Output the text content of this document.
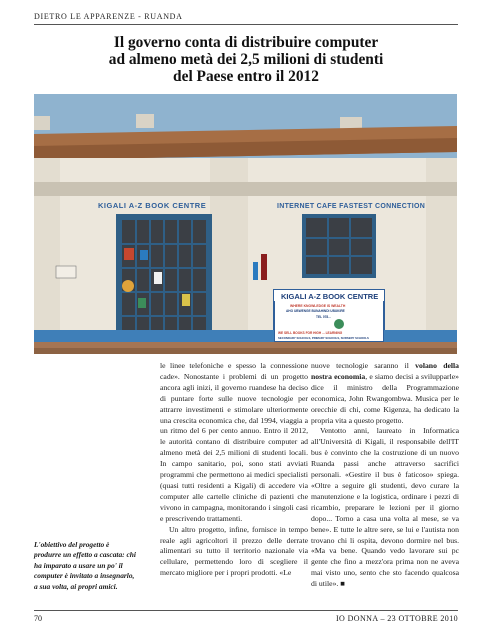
DIETRO LE APPARENZE - RUANDA
Il governo conta di distribuire computer
ad almeno metà dei 2,5 milioni di studenti
del Paese entro il 2012
KIGALI A-Z BOOK CENTRE	INTERNET CAFE FASTEST CONNECTION
KIGALI A-Z BOOK CENTRE
WHERE KNOWLEDGE IS WEALTH
AHO UBWENGE BUNAHINDI UBUKIRE
TEL 078...
WE SELL BOOKS FOR HIGH ... LEARNING
SECONDARY SCHOOLS, PRIMARY SCHOOLS, NURSERY SCHOOLS
L'obiettivo del progetto è produrre un effetto a cascata: chi ha imparato a usare un po' il computer è invitato a insegnarlo, a sua volta, ai propri amici.

le linee telefoniche e spesso la connessione cade». Nonostante i problemi di un progetto ancora agli inizi, il governo ruandese ha deciso di puntare forte sulle nuove tecnologie per attrarre investimenti e stimolare ulteriormente una crescita economica che, dal 1994, viaggia a un ritmo del 6 per cento annuo. Entro il 2012, le autorità contano di distribuire computer ad almeno metà dei 2,5 milioni di studenti locali. In campo sanitario, poi, sono stati avviati programmi che permettono ai medici specialisti (quasi tutti residenti a Kigali) di accedere via computer alle cartelle cliniche di pazienti che vivono in campagna, monitorando i singoli casi e prescrivendo trattamenti.

Un altro progetto, infine, fornisce in tempo reale agli agricoltori il prezzo delle derrate alimentari su tutto il territorio nazionale via cellulare, permettendo loro di scegliere il mercato migliore per i propri prodotti. «Le

nuove tecnologie saranno il volano della nostra economia, e siamo decisi a svilupparle» dice il ministro della Programmazione economica, John Rwangombwa. Musica per le orecchie di chi, come Kigenza, ha dedicato la propria vita a questo progetto.

Ventotto anni, laureato in Informatica all'Università di Kigali, il responsabile dell'IT bus è convinto che la costruzione di un nuovo Ruanda passi anche attraverso sacrifici personali. «Gestire il bus è faticoso» spiega. «Oltre a seguire gli studenti, devo curare la manutenzione e la logistica, ordinare i pezzi di ricambio, preparare le lezioni per il giorno dopo... Torno a casa una volta al mese, se va bene». E tutte le altre sere, se lui e l'autista non trovano chi li ospita, devono dormire nel bus. «Ma va bene. Quando vedo lavorare sui pc gente che fino a mezz'ora prima non ne aveva mai visto uno, sento che sto facendo qualcosa di utile». ■

70	IO DONNA – 23 OTTOBRE 2010
